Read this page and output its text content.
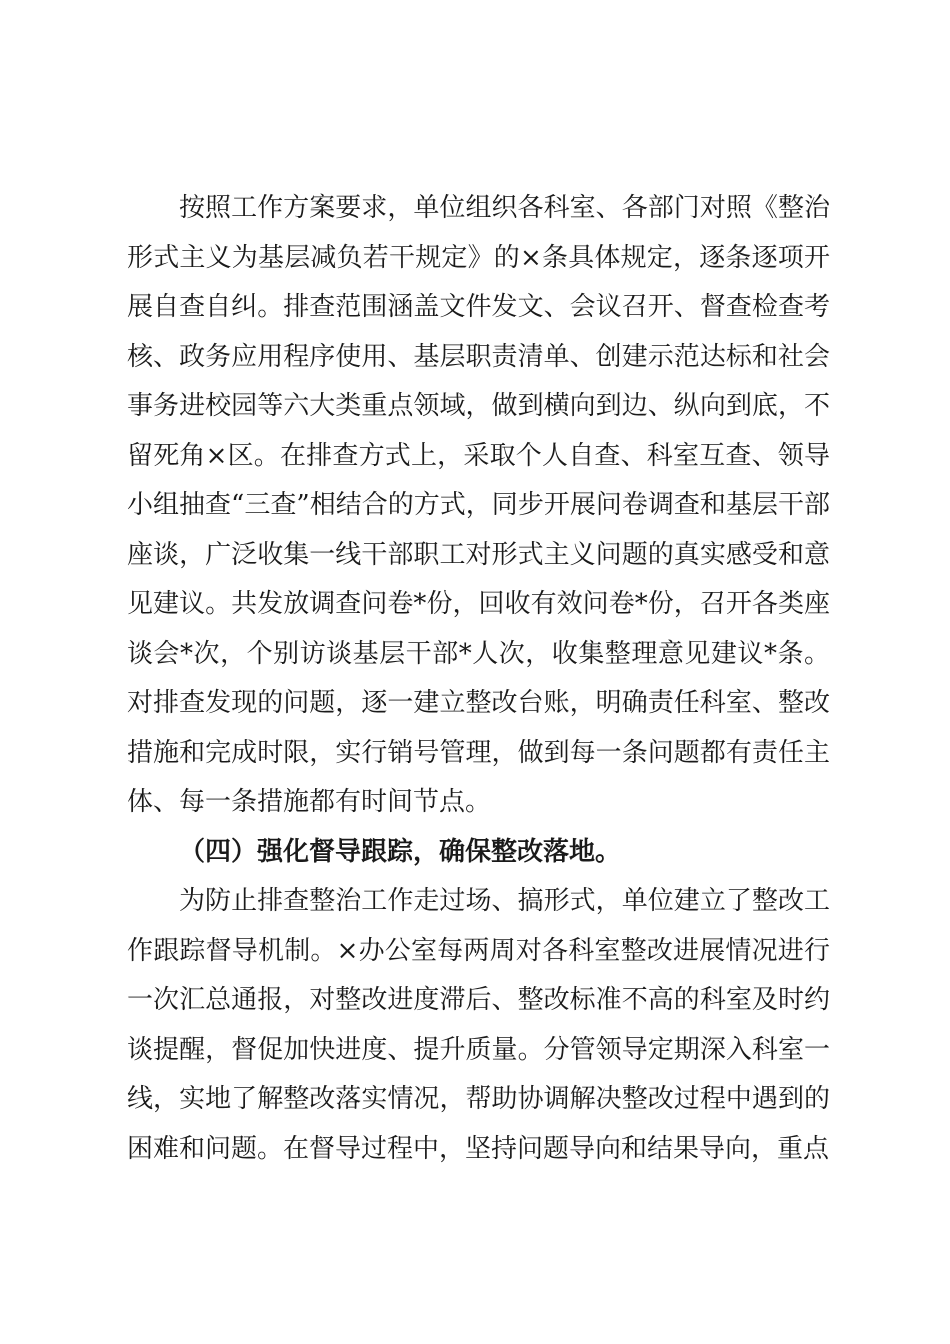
按照工作方案要求，单位组织各科室、各部门对照《整治形式主义为基层减负若干规定》的×条具体规定，逐条逐项开展自查自纠。排查范围涵盖文件发文、会议召开、督查检查考核、政务应用程序使用、基层职责清单、创建示范达标和社会事务进校园等六大类重点领域，做到横向到边、纵向到底，不留死角×区。在排查方式上，采取个人自查、科室互查、领导小组抽查“三查”相结合的方式，同步开展问卷调查和基层干部座谈，广泛收集一线干部职工对形式主义问题的真实感受和意见建议。共发放调查问卷*份，回收有效问卷*份，召开各类座谈会*次，个别访谈基层干部*人次，收集整理意见建议*条。对排查发现的问题，逐一建立整改台账，明确责任科室、整改措施和完成时限，实行销号管理，做到每一条问题都有责任主体、每一条措施都有时间节点。

（四）强化督导跟踪，确保整改落地。

为防止排查整治工作走过场、搞形式，单位建立了整改工作跟踪督导机制。×办公室每两周对各科室整改进展情况进行一次汇总通报，对整改进度滞后、整改标准不高的科室及时约谈提醒，督促加快进度、提升质量。分管领导定期深入科室一线，实地了解整改落实情况，帮助协调解决整改过程中遇到的困难和问题。在督导过程中，坚持问题导向和结果导向，重点
